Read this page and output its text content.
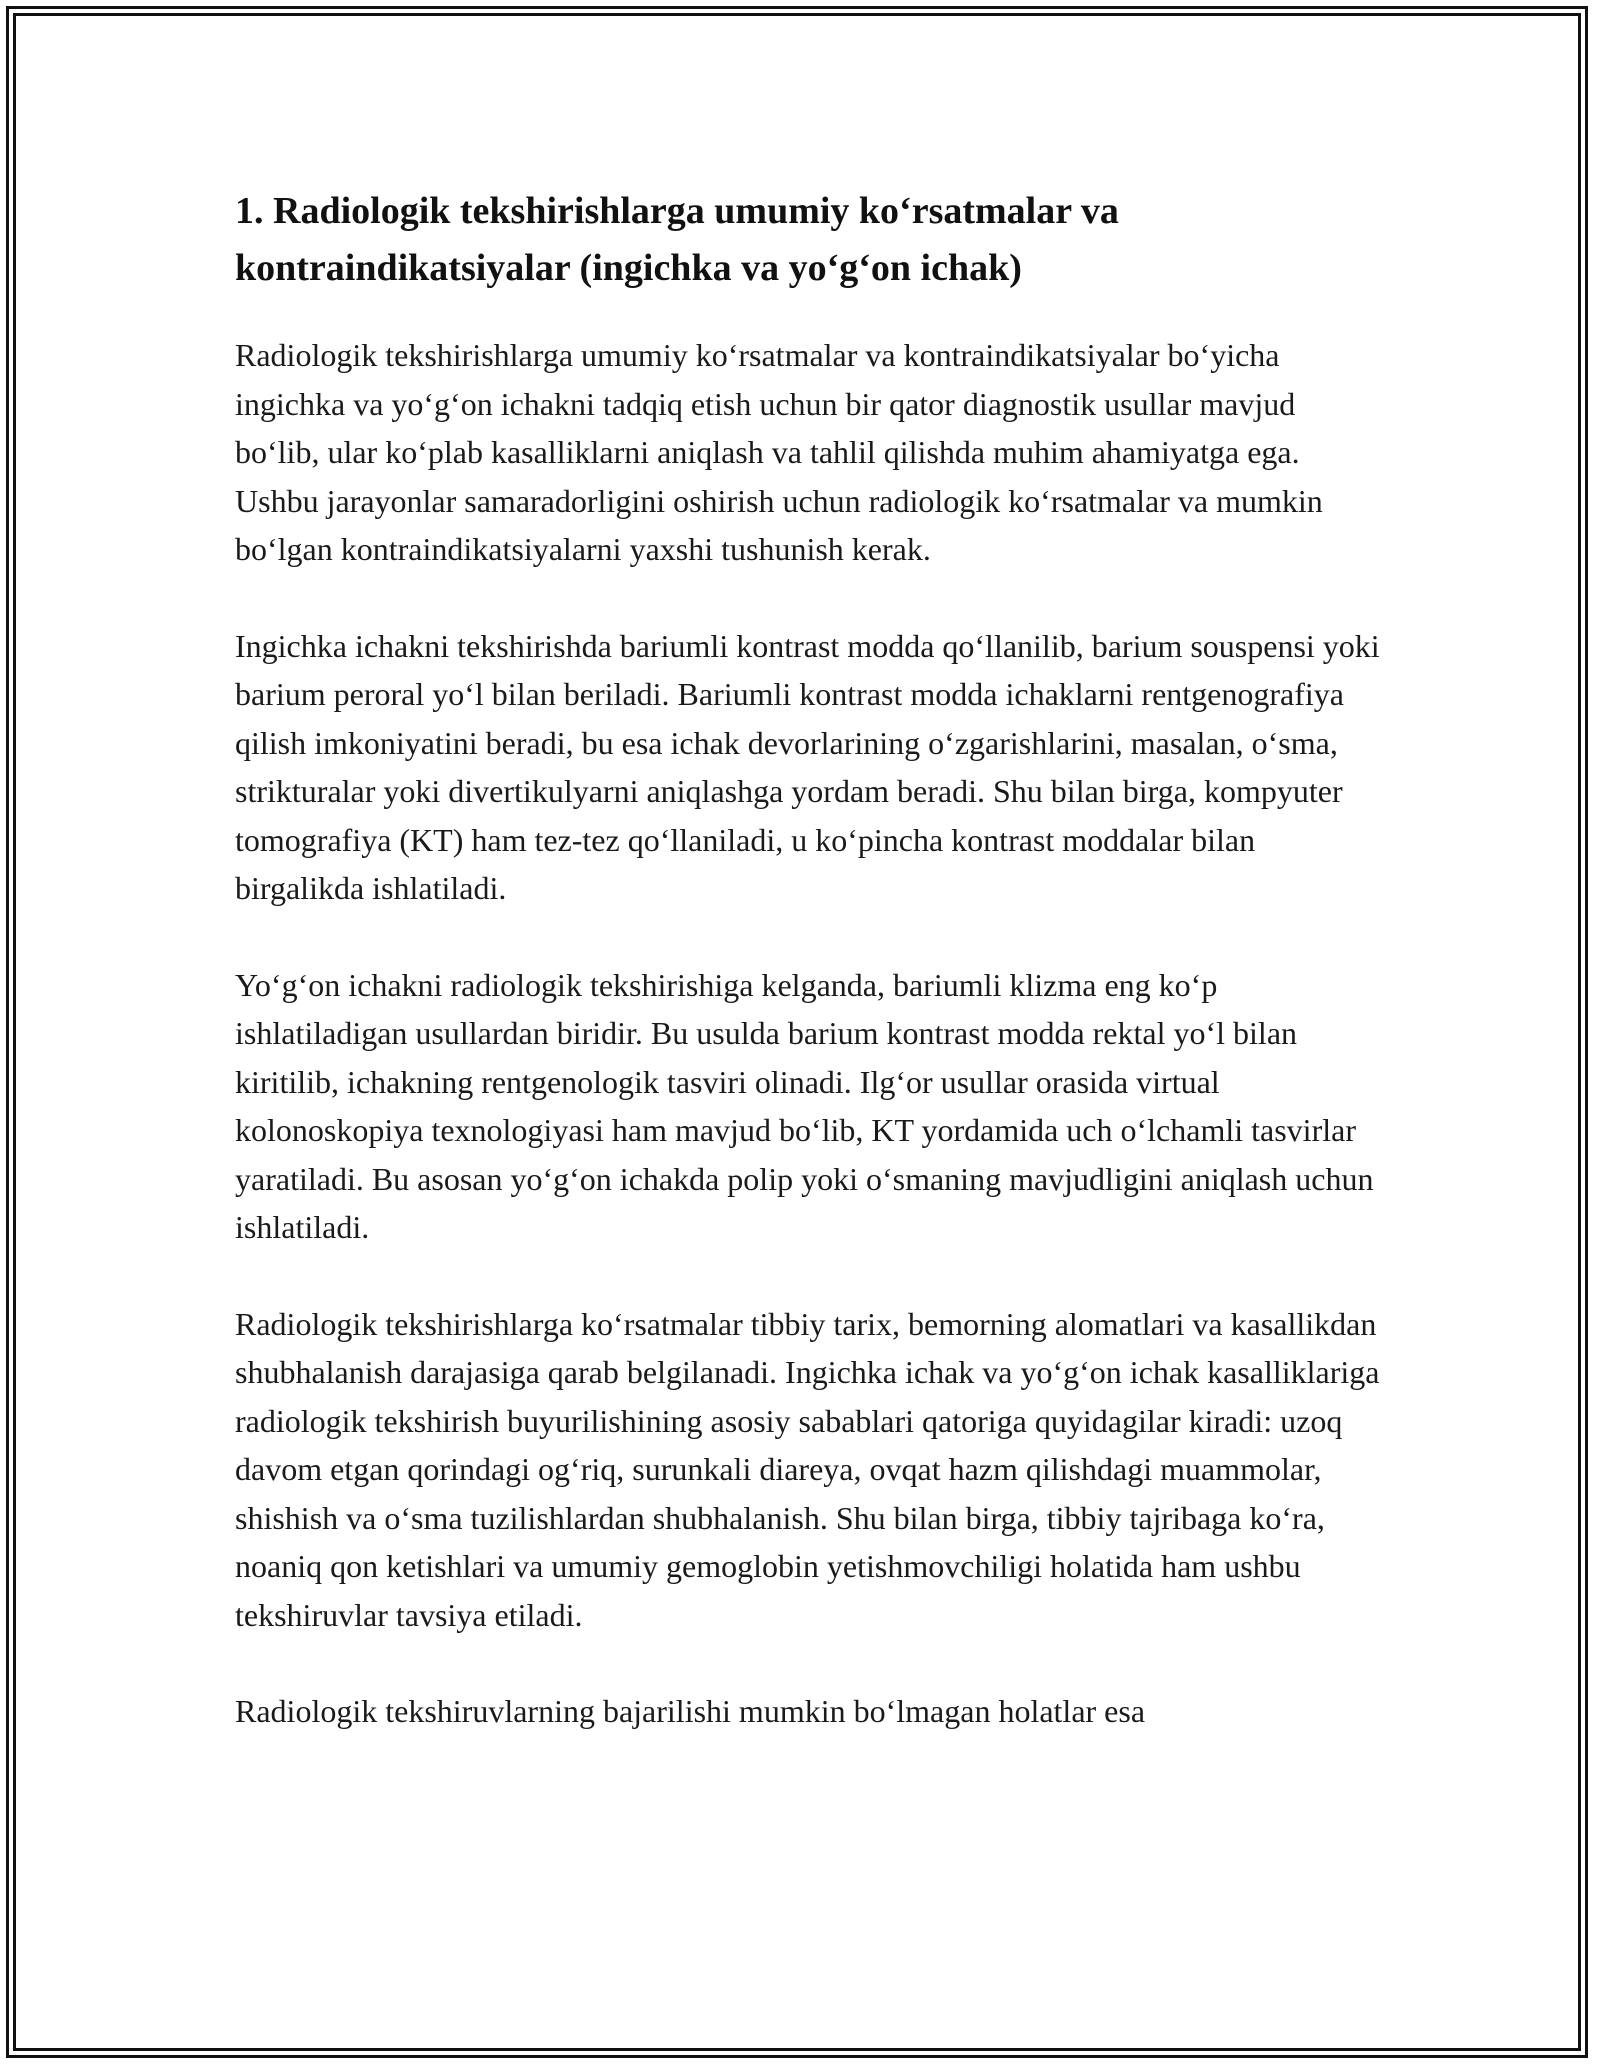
1. Radiologik tekshirishlarga umumiy ko‘rsatmalar va kontraindikatsiyalar (ingichka va yo‘g‘on ichak)

Radiologik tekshirishlarga umumiy ko‘rsatmalar va kontraindikatsiyalar bo‘yicha ingichka va yo‘g‘on ichakni tadqiq etish uchun bir qator diagnostik usullar mavjud bo‘lib, ular ko‘plab kasalliklarni aniqlash va tahlil qilishda muhim ahamiyatga ega. Ushbu jarayonlar samaradorligini oshirish uchun radiologik ko‘rsatmalar va mumkin bo‘lgan kontraindikatsiyalarni yaxshi tushunish kerak.

Ingichka ichakni tekshirishda bariumli kontrast modda qo‘llanilib, barium souspensi yoki barium peroral yo‘l bilan beriladi. Bariumli kontrast modda ichaklarni rentgenografiya qilish imkoniyatini beradi, bu esa ichak devorlarining o‘zgarishlarini, masalan, o‘sma, strikturalar yoki divertikulyarni aniqlashga yordam beradi. Shu bilan birga, kompyuter tomografiya (KT) ham tez-tez qo‘llaniladi, u ko‘pincha kontrast moddalar bilan birgalikda ishlatiladi.

Yo‘g‘on ichakni radiologik tekshirishiga kelganda, bariumli klizma eng ko‘p ishlatiladigan usullardan biridir. Bu usulda barium kontrast modda rektal yo‘l bilan kiritilib, ichakning rentgenologik tasviri olinadi. Ilg‘or usullar orasida virtual kolonoskopiya texnologiyasi ham mavjud bo‘lib, KT yordamida uch o‘lchamli tasvirlar yaratiladi. Bu asosan yo‘g‘on ichakda polip yoki o‘smaning mavjudligini aniqlash uchun ishlatiladi.

Radiologik tekshirishlarga ko‘rsatmalar tibbiy tarix, bemorning alomatlari va kasallikdan shubhalanish darajasiga qarab belgilanadi. Ingichka ichak va yo‘g‘on ichak kasalliklariga radiologik tekshirish buyurilishining asosiy sabablari qatoriga quyidagilar kiradi: uzoq davom etgan qorindagi og‘riq, surunkali diareya, ovqat hazm qilishdagi muammolar, shishish va o‘sma tuzilishlardan shubhalanish. Shu bilan birga, tibbiy tajribaga ko‘ra, noaniq qon ketishlari va umumiy gemoglobin yetishmovchiligi holatida ham ushbu tekshiruvlar tavsiya etiladi.

Radiologik tekshiruvlarning bajarilishi mumkin bo‘lmagan holatlar esa
